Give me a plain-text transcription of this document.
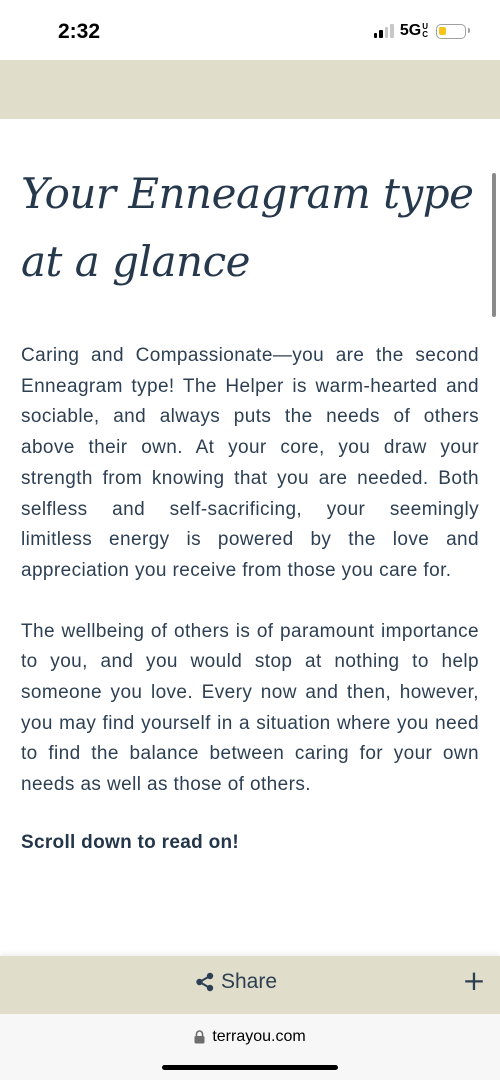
2:32	5G U
C
Your Enneagram type at a glance

Caring and Compassionate—you are the second Enneagram type! The Helper is warm-hearted and sociable, and always puts the needs of others above their own. At your core, you draw your strength from knowing that you are needed. Both selfless and self-sacrificing, your seemingly limitless energy is powered by the love and appreciation you receive from those you care for.

The wellbeing of others is of paramount importance to you, and you would stop at nothing to help someone you love. Every now and then, however, you may find yourself in a situation where you need to find the balance between caring for your own needs as well as those of others.

Scroll down to read on!

Share	+
terrayou.com
